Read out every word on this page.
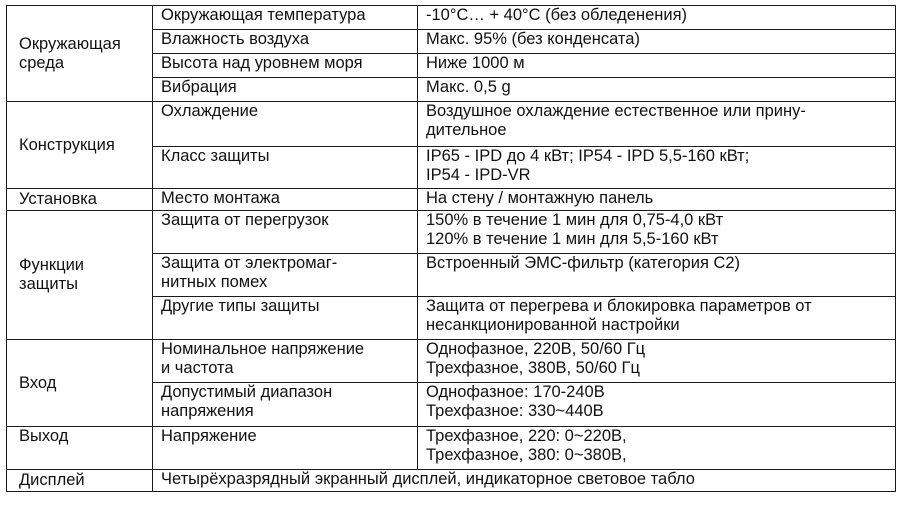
Окружающая
среда	Окружающая температура	-10°C… + 40°C (без обледенения)
	Влажность воздуха	Макс. 95% (без конденсата)
	Высота над уровнем моря	Ниже 1000 м
	Вибрация	Макс. 0,5 g
Конструкция	Охлаждение	Воздушное охлаждение естественное или прину-
дительное
	Класс защиты	IP65 - IPD до 4 кВт; IP54 - IPD 5,5-160 кВт;
IP54 - IPD-VR
Установка	Место монтажа	На стену / монтажную панель
Функции
защиты	Защита от перегрузок	150% в течение 1 мин для 0,75-4,0 кВт
120% в течение 1 мин для 5,5-160 кВт
	Защита от электромаг-
нитных помех	Встроенный ЭМС-фильтр (категория С2)
	Другие типы защиты	Защита от перегрева и блокировка параметров от
несанкционированной настройки
Вход	Номинальное напряжение
и частота	Однофазное, 220В, 50/60 Гц
Трехфазное, 380В, 50/60 Гц
	Допустимый диапазон
напряжения	Однофазное: 170-240В
Трехфазное: 330~440В
Выход	Напряжение	Трехфазное, 220: 0~220В,
Трехфазное, 380: 0~380В,
Дисплей	Четырёхразрядный экранный дисплей, индикаторное световое табло	
